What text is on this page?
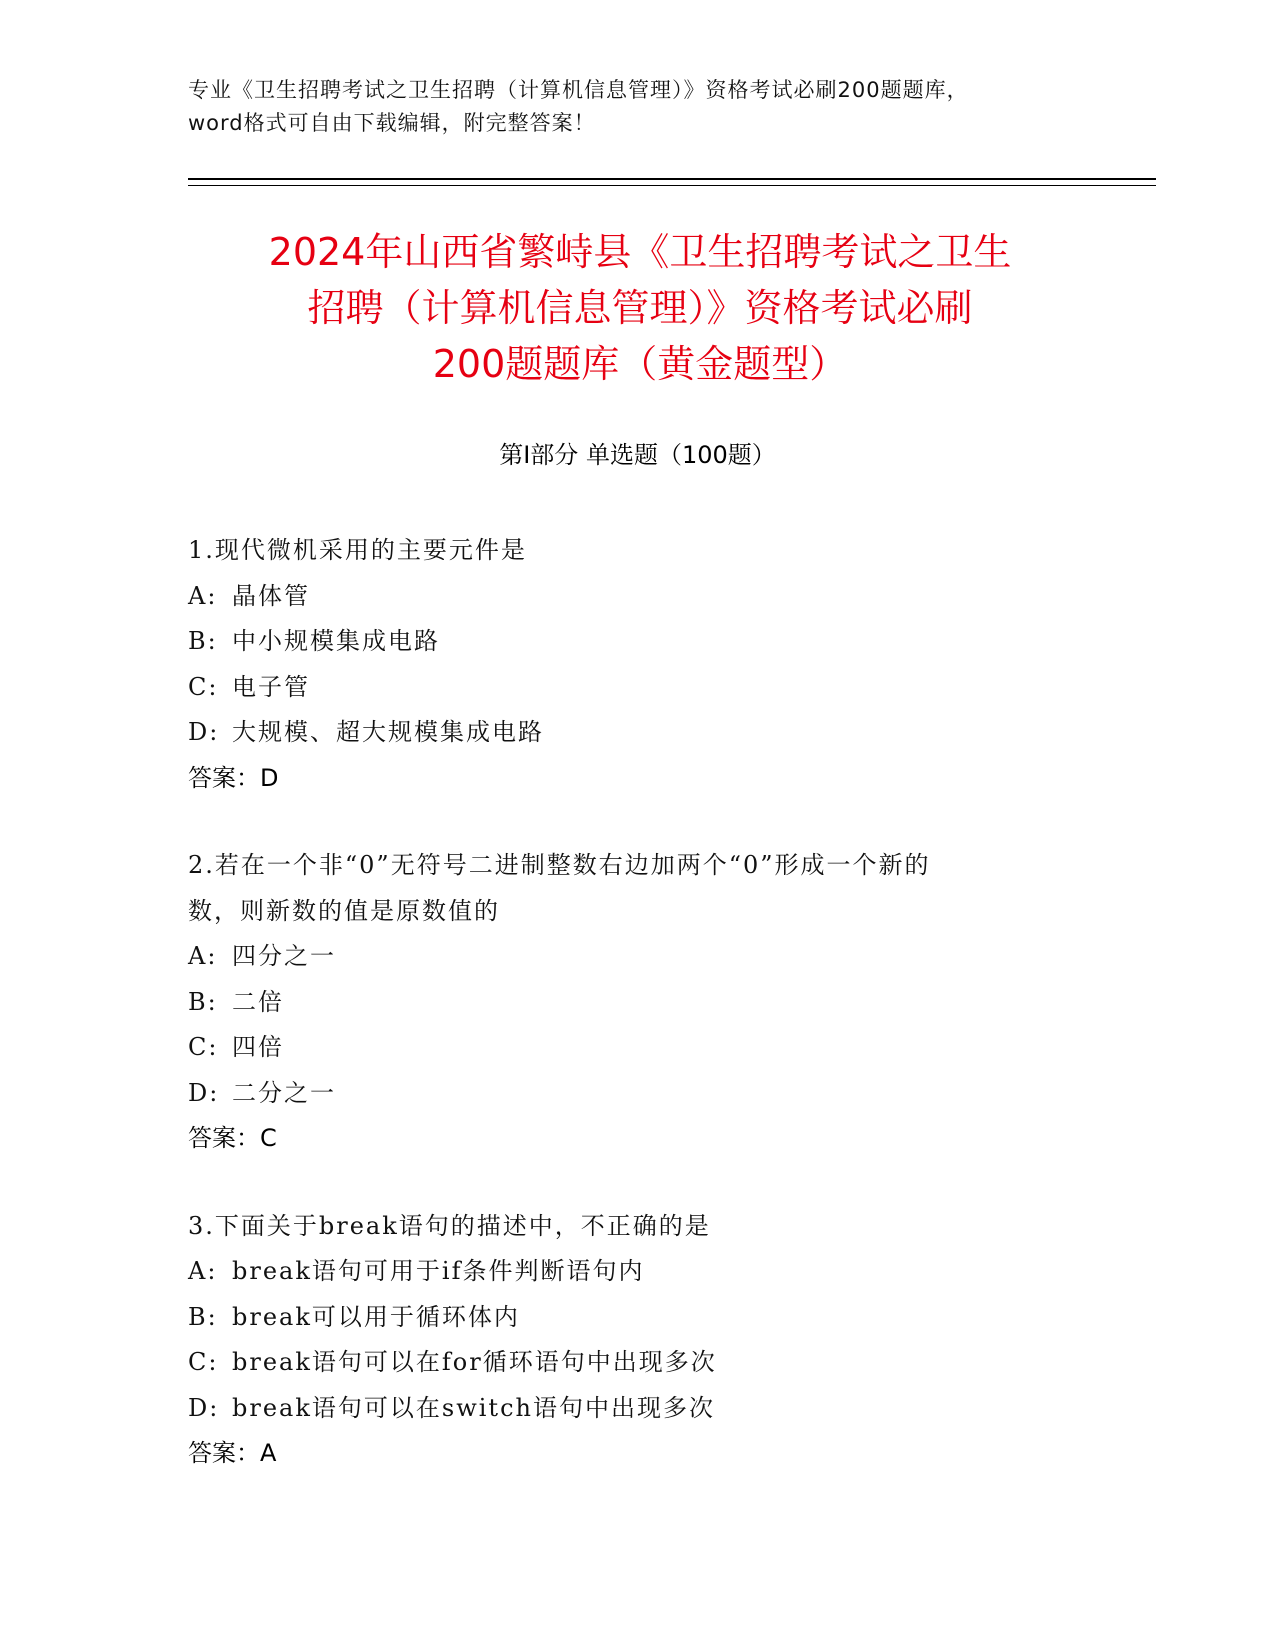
专业《卫生招聘考试之卫生招聘（计算机信息管理）》资格考试必刷200题题库，
word格式可自由下载编辑，附完整答案！
2024年山西省繁峙县《卫生招聘考试之卫生
招聘（计算机信息管理）》资格考试必刷
200题题库（黄金题型）
第Ⅰ部分 单选题（100题）
1.现代微机采用的主要元件是
A: 晶体管
B: 中小规模集成电路
C: 电子管
D: 大规模、超大规模集成电路
答案：D
2.若在一个非“0”无符号二进制整数右边加两个“0”形成一个新的
数，则新数的值是原数值的
A: 四分之一
B: 二倍
C: 四倍
D: 二分之一
答案：C
3.下面关于break语句的描述中，不正确的是
A: break语句可用于if条件判断语句内
B: break可以用于循环体内
C: break语句可以在for循环语句中出现多次
D: break语句可以在switch语句中出现多次
答案：A
